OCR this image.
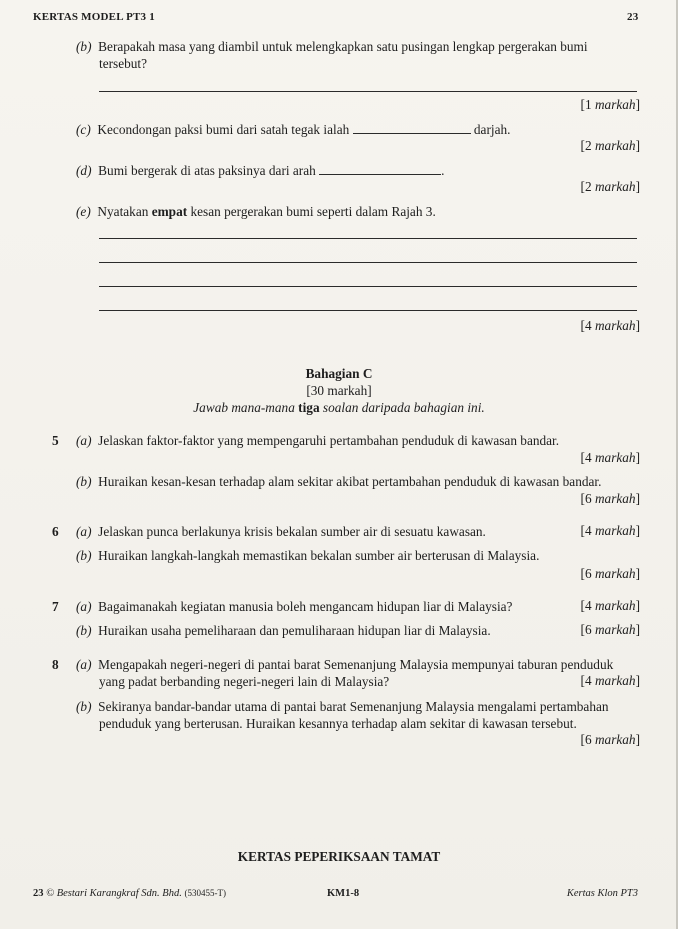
KERTAS MODEL PT3 1	23
(b) Berapakah masa yang diambil untuk melengkapkan satu pusingan lengkap pergerakan bumi
tersebut?
[1 markah]
(c) Kecondongan paksi bumi dari satah tegak ialah	darjah.
[2 markah]
(d) Bumi bergerak di atas paksinya dari arah	.
[2 markah]
(e) Nyatakan empat kesan pergerakan bumi seperti dalam Rajah 3.
[4 markah]
Bahagian C
[30 markah]
Jawab mana-mana tiga soalan daripada bahagian ini.
5 (a) Jelaskan faktor-faktor yang mempengaruhi pertambahan penduduk di kawasan bandar.
[4 markah]
(b) Huraikan kesan-kesan terhadap alam sekitar akibat pertambahan penduduk di kawasan bandar.
[6 markah]
6 (a) Jelaskan punca berlakunya krisis bekalan sumber air di sesuatu kawasan.	[4 markah]
(b) Huraikan langkah-langkah memastikan bekalan sumber air berterusan di Malaysia.
[6 markah]
7 (a) Bagaimanakah kegiatan manusia boleh mengancam hidupan liar di Malaysia?	[4 markah]
(b) Huraikan usaha pemeliharaan dan pemuliharaan hidupan liar di Malaysia.	[6 markah]
8 (a) Mengapakah negeri-negeri di pantai barat Semenanjung Malaysia mempunyai taburan penduduk
yang padat berbanding negeri-negeri lain di Malaysia?	[4 markah]
(b) Sekiranya bandar-bandar utama di pantai barat Semenanjung Malaysia mengalami pertambahan
penduduk yang berterusan. Huraikan kesannya terhadap alam sekitar di kawasan tersebut.
[6 markah]
KERTAS PEPERIKSAAN TAMAT
23 © Bestari Karangkraf Sdn. Bhd. (530455-T)	KM1-8	Kertas Klon PT3
